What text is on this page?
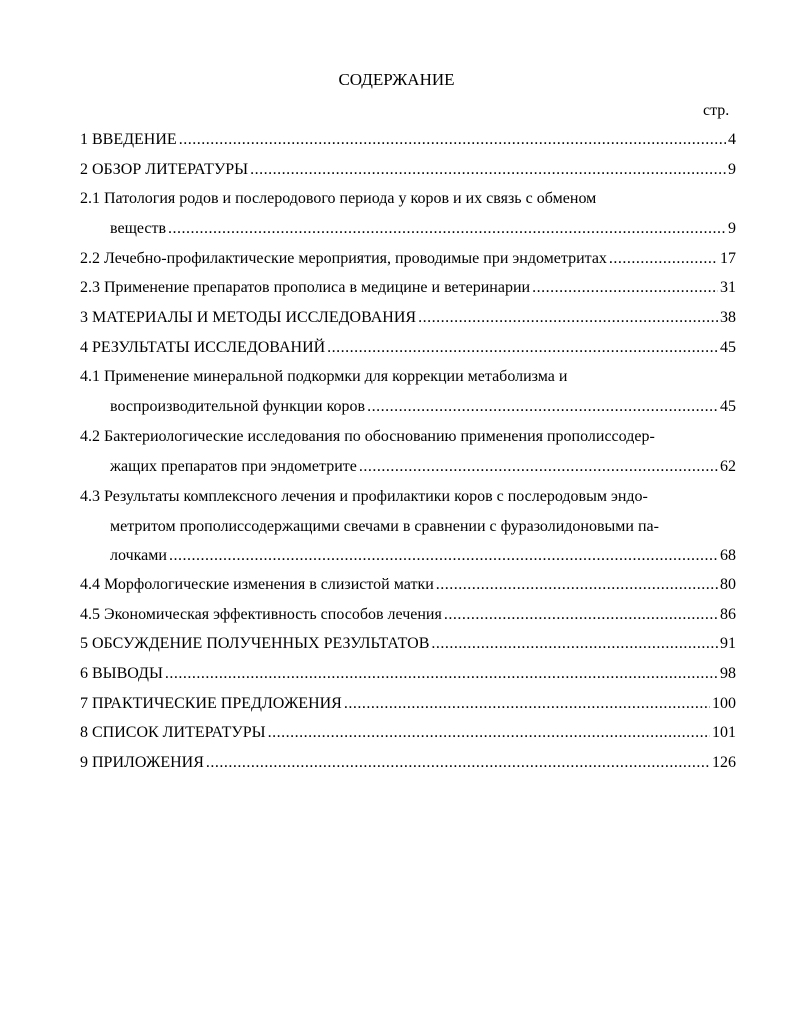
СОДЕРЖАНИЕ
стр.
1 ВВЕДЕНИЕ .....	4
2 ОБЗОР ЛИТЕРАТУРЫ .....	9
2.1 Патология родов и послеродового периода у коров и их связь с обменом
веществ .....	9
2.2 Лечебно-профилактические мероприятия, проводимые при эндометритах .....	17
2.3 Применение препаратов прополиса в медицине и ветеринарии .....	31
3 МАТЕРИАЛЫ И МЕТОДЫ ИССЛЕДОВАНИЯ .....	38
4 РЕЗУЛЬТАТЫ ИССЛЕДОВАНИЙ .....	45
4.1 Применение минеральной подкормки для коррекции метаболизма и
воспроизводительной функции коров .....	45
4.2 Бактериологические исследования по обоснованию применения прополиссодер-
жащих препаратов при эндометрите .....	62
4.3 Результаты комплексного лечения и профилактики коров с послеродовым эндо-
метритом прополиссодержащими свечами в сравнении с фуразолидоновыми па-
лочками .....	68
4.4 Морфологические изменения в слизистой матки .....	80
4.5 Экономическая эффективность способов лечения .....	86
5 ОБСУЖДЕНИЕ ПОЛУЧЕННЫХ РЕЗУЛЬТАТОВ .....	91
6 ВЫВОДЫ .....	98
7 ПРАКТИЧЕСКИЕ ПРЕДЛОЖЕНИЯ .....	100
8 СПИСОК ЛИТЕРАТУРЫ .....	101
9 ПРИЛОЖЕНИЯ .....	126
